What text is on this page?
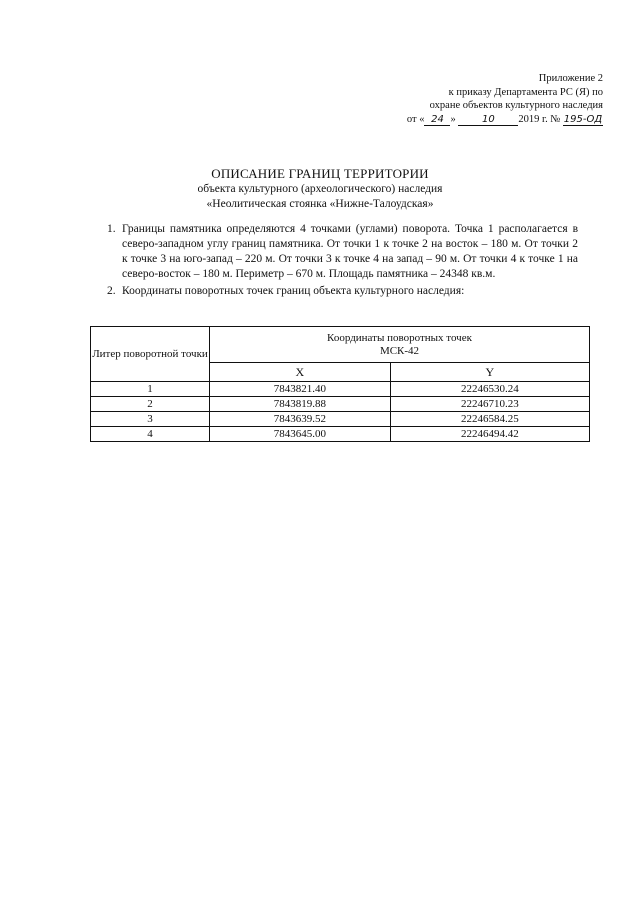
Приложение 2
к приказу Департамента РС (Я) по
охране объектов культурного наследия
от « 24 »	10 2019 г. № 195-ОД
ОПИСАНИЕ ГРАНИЦ ТЕРРИТОРИИ
объекта культурного (археологического) наследия
«Неолитическая стоянка «Нижне-Талоудская»
1. Границы памятника определяются 4 точками (углами) поворота. Точка 1 располагается в северо-западном углу границ памятника. От точки 1 к точке 2 на восток – 180 м. От точки 2 к точке 3 на юго-запад – 220 м. От точки 3 к точке 4 на запад – 90 м. От точки 4 к точке 1 на северо-восток – 180 м. Периметр – 670 м. Площадь памятника – 24348 кв.м.
2. Координаты поворотных точек границ объекта культурного наследия:
Литер поворотной точки	Координаты поворотных точек
МСК-42	
	X	Y
1	7843821.40	22246530.24
2	7843819.88	22246710.23
3	7843639.52	22246584.25
4	7843645.00	22246494.42
